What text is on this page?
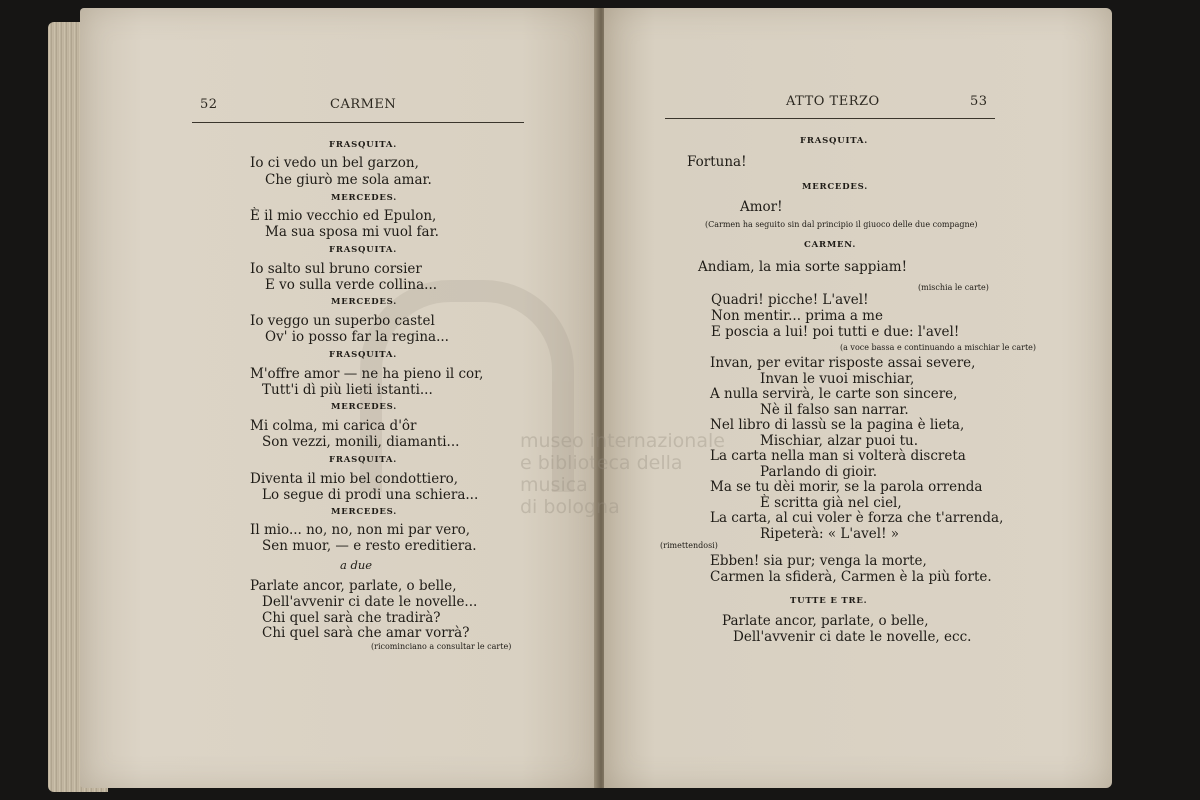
museo internazionale
e biblioteca della musica
di bologna
52	CARMEN	ATTO TERZO	53
FRASQUITA.
Io ci vedo un bel garzon,
Che giurò me sola amar.
MERCEDES.
È il mio vecchio ed Epulon,
Ma sua sposa mi vuol far.
FRASQUITA.
Io salto sul bruno corsier
E vo sulla verde collina...
MERCEDES.
Io veggo un superbo castel
Ov' io posso far la regina...
FRASQUITA.
M'offre amor — ne ha pieno il cor,
Tutt'i dì più lieti istanti...
MERCEDES.
Mi colma, mi carica d'ôr
Son vezzi, monili, diamanti...
FRASQUITA.
Diventa il mio bel condottiero,
Lo segue di prodi una schiera...
MERCEDES.
Il mio... no, no, non mi par vero,
Sen muor, — e resto ereditiera.
a due
Parlate ancor, parlate, o belle,
Dell'avvenir ci date le novelle...
Chi quel sarà che tradirà?
Chi quel sarà che amar vorrà?
(ricominciano a consultar le carte)
FRASQUITA.
Fortuna!
MERCEDES.
Amor!
(Carmen ha seguito sin dal principio il giuoco delle due compagne)
CARMEN.
Andiam, la mia sorte sappiam!
(mischia le carte)
Quadri! picche! L'avel!
Non mentir... prima a me
E poscia a lui! poi tutti e due: l'avel!
(a voce bassa e continuando a mischiar le carte)
Invan, per evitar risposte assai severe,
Invan le vuoi mischiar,
A nulla servirà, le carte son sincere,
Nè il falso san narrar.
Nel libro di lassù se la pagina è lieta,
Mischiar, alzar puoi tu.
La carta nella man si volterà discreta
Parlando di gioir.
Ma se tu dèi morir, se la parola orrenda
È scritta già nel ciel,
La carta, al cui voler è forza che t'arrenda,
Ripeterà: « L'avel! »
(rimettendosi)
Ebben! sia pur; venga la morte,
Carmen la sfiderà, Carmen è la più forte.
TUTTE E TRE.
Parlate ancor, parlate, o belle,
Dell'avvenir ci date le novelle, ecc.
